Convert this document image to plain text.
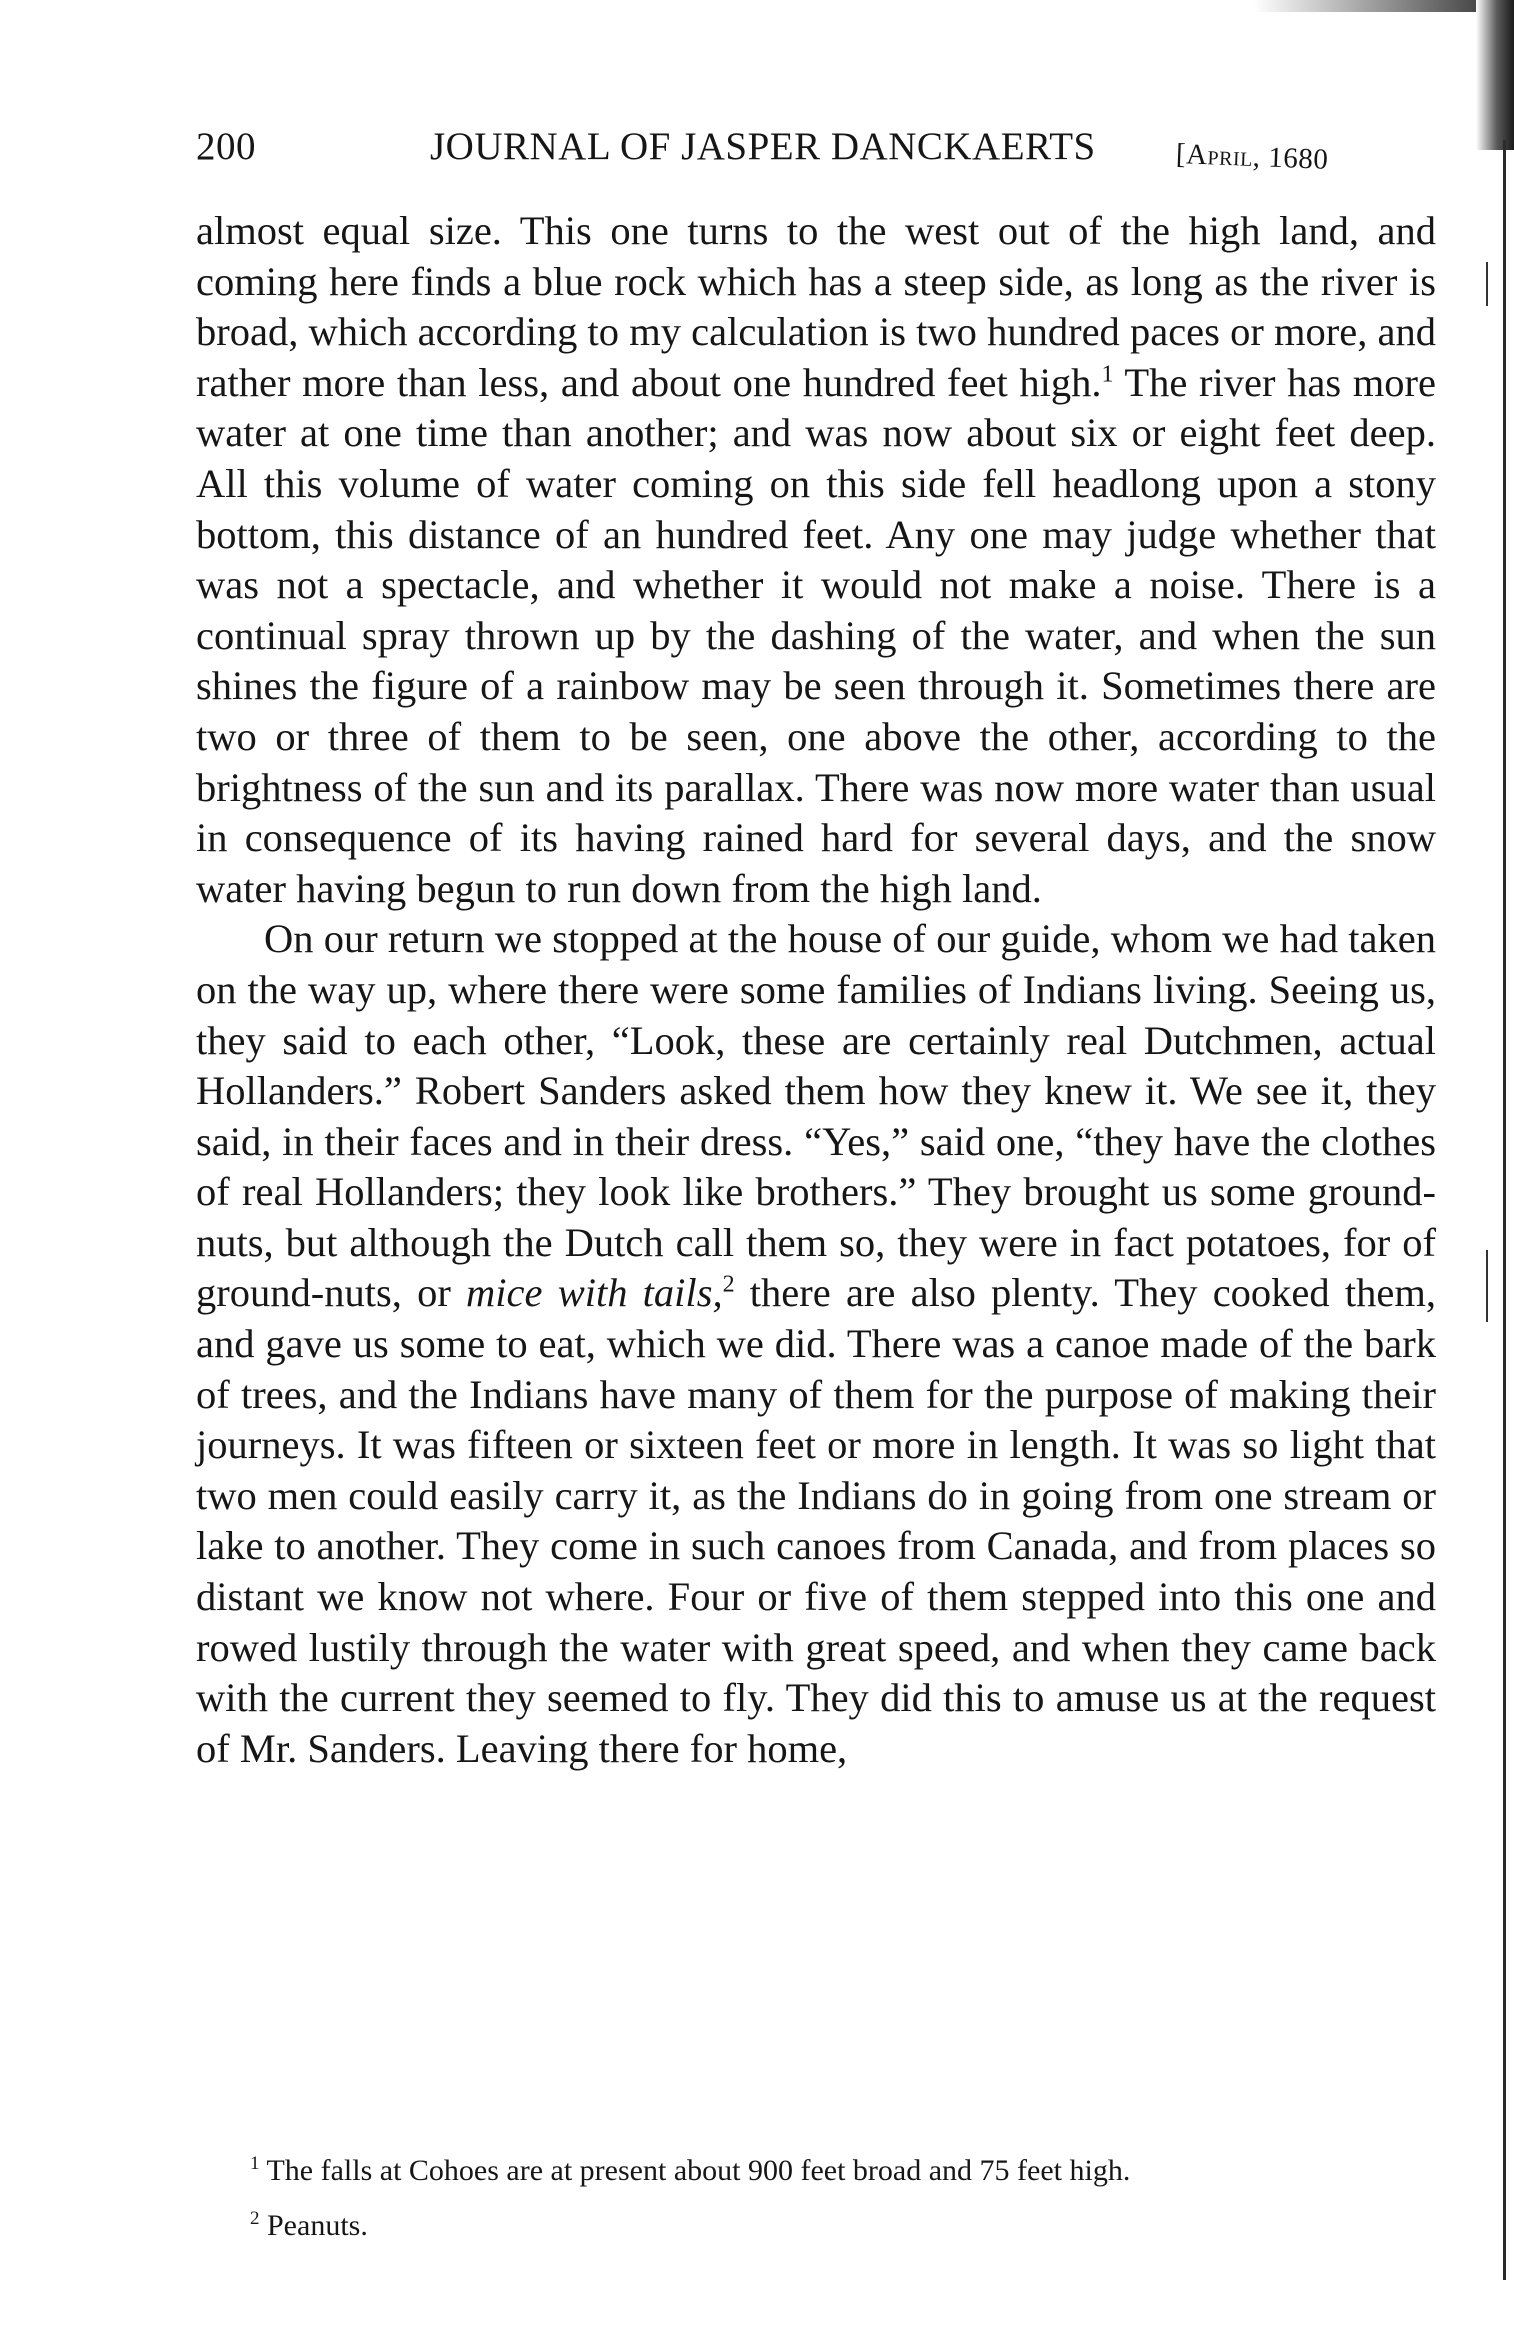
200	JOURNAL OF JASPER DANCKAERTS	[April, 1680

almost equal size. This one turns to the west out of the high land, and coming here finds a blue rock which has a steep side, as long as the river is broad, which according to my calculation is two hundred paces or more, and rather more than less, and about one hundred feet high.$^1$ The river has more water at one time than another; and was now about six or eight feet deep. All this volume of water coming on this side fell headlong upon a stony bottom, this distance of an hundred feet. Any one may judge whether that was not a spectacle, and whether it would not make a noise. There is a continual spray thrown up by the dashing of the water, and when the sun shines the figure of a rainbow may be seen through it. Sometimes there are two or three of them to be seen, one above the other, according to the brightness of the sun and its parallax. There was now more water than usual in consequence of its having rained hard for several days, and the snow water having begun to run down from the high land.

On our return we stopped at the house of our guide, whom we had taken on the way up, where there were some families of Indians living. Seeing us, they said to each other, “Look, these are certainly real Dutchmen, actual Hollanders.” Robert Sanders asked them how they knew it. We see it, they said, in their faces and in their dress. “Yes,” said one, “they have the clothes of real Hollanders; they look like brothers.” They brought us some ground-nuts, but although the Dutch call them so, they were in fact potatoes, for of ground-nuts, or mice with tails,$^2$ there are also plenty. They cooked them, and gave us some to eat, which we did. There was a canoe made of the bark of trees, and the Indians have many of them for the purpose of making their journeys. It was fifteen or sixteen feet or more in length. It was so light that two men could easily carry it, as the Indians do in going from one stream or lake to another. They come in such canoes from Canada, and from places so distant we know not where. Four or five of them stepped into this one and rowed lustily through the water with great speed, and when they came back with the current they seemed to fly. They did this to amuse us at the request of Mr. Sanders. Leaving there for home,

$^1$ The falls at Cohoes are at present about 900 feet broad and 75 feet high.
$^2$ Peanuts.
